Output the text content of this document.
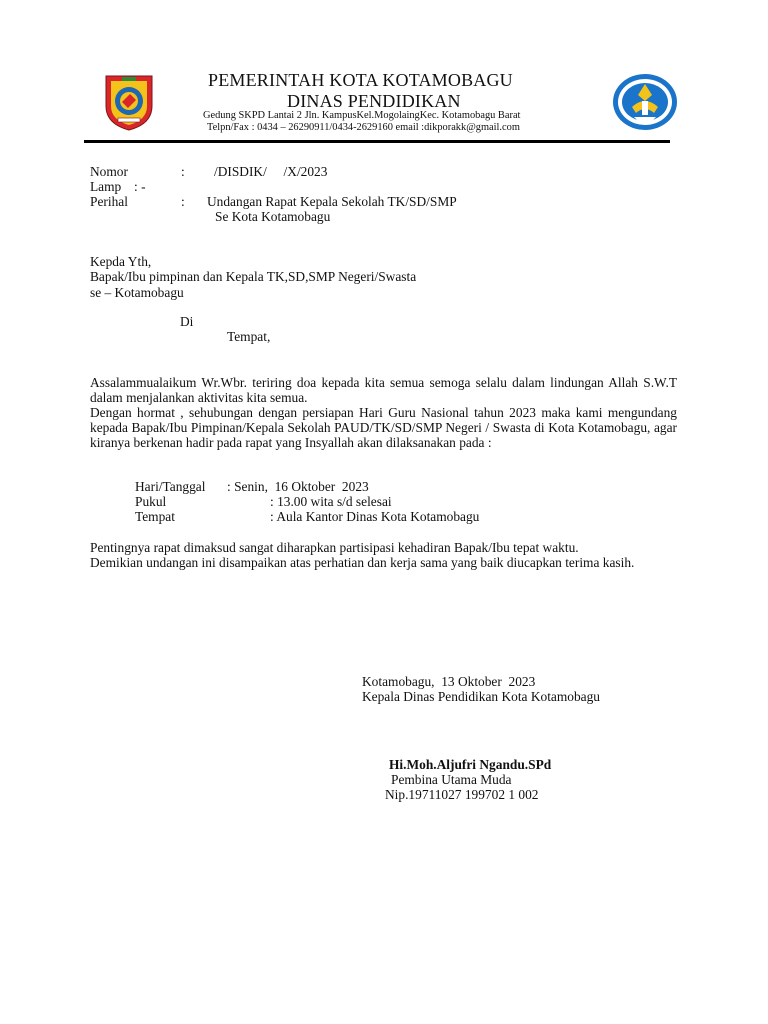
PEMERINTAH KOTA KOTAMOBAGU
DINAS PENDIDIKAN
Gedung SKPD Lantai 2 Jln. KampusKel.MogolaingKec. Kotamobagu Barat
Telpn/Fax : 0434 – 26290911/0434-2629160 email :dikporakk@gmail.com
Nomor	: /DISDIK/     /X/2023
Lamp : -
Perihal	: Undangan Rapat Kepala Sekolah TK/SD/SMP
Se Kota Kotamobagu
Kepda Yth,
Bapak/Ibu pimpinan dan Kepala TK,SD,SMP Negeri/Swasta
se – Kotamobagu
Di
Tempat,

Assalammualaikum Wr.Wbr. teriring doa kepada kita semua semoga selalu dalam lindungan Allah S.W.T dalam menjalankan aktivitas kita semua.

Dengan hormat , sehubungan dengan persiapan Hari Guru Nasional tahun 2023 maka kami mengundang kepada Bapak/Ibu Pimpinan/Kepala Sekolah PAUD/TK/SD/SMP Negeri / Swasta di Kota Kotamobagu, agar kiranya berkenan hadir pada rapat yang Insyallah akan dilaksanakan pada :

Hari/Tanggal : Senin,  16 Oktober  2023
Pukul	: 13.00 wita s/d selesai
Tempat	: Aula Kantor Dinas Kota Kotamobagu

Pentingnya rapat dimaksud sangat diharapkan partisipasi kehadiran Bapak/Ibu tepat waktu.

Demikian undangan ini disampaikan atas perhatian dan kerja sama yang baik diucapkan terima kasih.

Kotamobagu,  13 Oktober  2023
Kepala Dinas Pendidikan Kota Kotamobagu
Hi.Moh.Aljufri Ngandu.SPd
Pembina Utama Muda
Nip.19711027 199702 1 002
